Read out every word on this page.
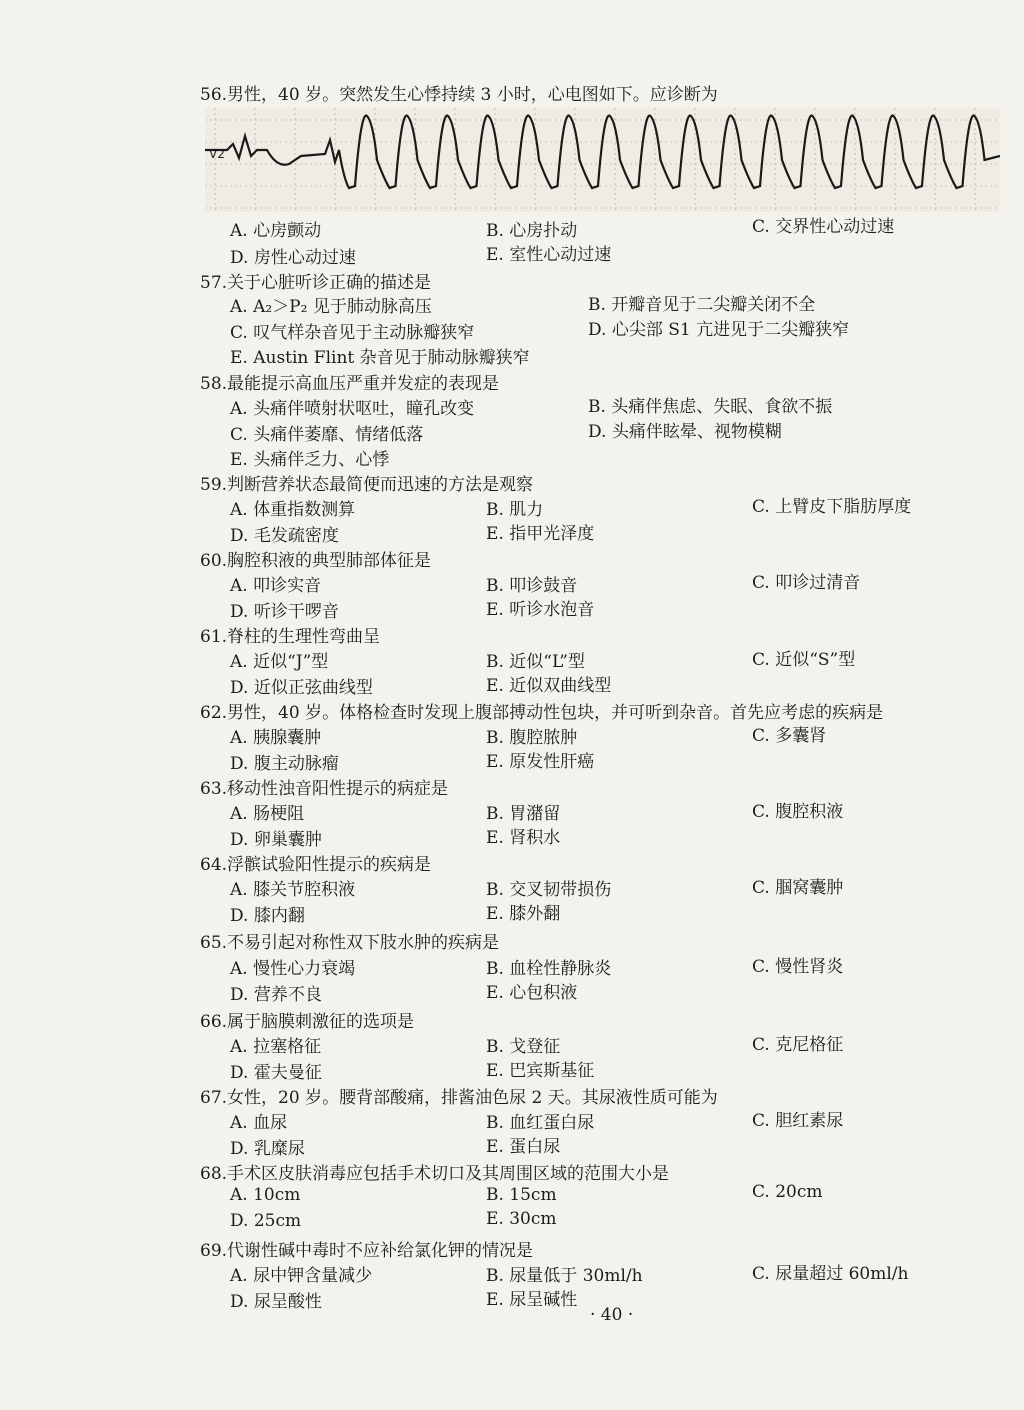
56.男性，40 岁。突然发生心悸持续 3 小时，心电图如下。应诊断为
V2
A. 心房颤动	B. 心房扑动	C. 交界性心动过速
D. 房性心动过速	E. 室性心动过速
57.关于心脏听诊正确的描述是
A. A₂＞P₂ 见于肺动脉高压	B. 开瓣音见于二尖瓣关闭不全
C. 叹气样杂音见于主动脉瓣狭窄	D. 心尖部 S1 亢进见于二尖瓣狭窄
E. Austin Flint 杂音见于肺动脉瓣狭窄
58.最能提示高血压严重并发症的表现是
A. 头痛伴喷射状呕吐，瞳孔改变	B. 头痛伴焦虑、失眠、食欲不振
C. 头痛伴萎靡、情绪低落	D. 头痛伴眩晕、视物模糊
E. 头痛伴乏力、心悸
59.判断营养状态最简便而迅速的方法是观察
A. 体重指数测算	B. 肌力	C. 上臂皮下脂肪厚度
D. 毛发疏密度	E. 指甲光泽度
60.胸腔积液的典型肺部体征是
A. 叩诊实音	B. 叩诊鼓音	C. 叩诊过清音
D. 听诊干啰音	E. 听诊水泡音
61.脊柱的生理性弯曲呈
A. 近似“J”型	B. 近似“L”型	C. 近似“S”型
D. 近似正弦曲线型	E. 近似双曲线型
62.男性，40 岁。体格检查时发现上腹部搏动性包块，并可听到杂音。首先应考虑的疾病是
A. 胰腺囊肿	B. 腹腔脓肿	C. 多囊肾
D. 腹主动脉瘤	E. 原发性肝癌
63.移动性浊音阳性提示的病症是
A. 肠梗阻	B. 胃潴留	C. 腹腔积液
D. 卵巢囊肿	E. 肾积水
64.浮髌试验阳性提示的疾病是
A. 膝关节腔积液	B. 交叉韧带损伤	C. 腘窝囊肿
D. 膝内翻	E. 膝外翻
65.不易引起对称性双下肢水肿的疾病是
A. 慢性心力衰竭	B. 血栓性静脉炎	C. 慢性肾炎
D. 营养不良	E. 心包积液
66.属于脑膜刺激征的选项是
A. 拉塞格征	B. 戈登征	C. 克尼格征
D. 霍夫曼征	E. 巴宾斯基征
67.女性，20 岁。腰背部酸痛，排酱油色尿 2 天。其尿液性质可能为
A. 血尿	B. 血红蛋白尿	C. 胆红素尿
D. 乳糜尿	E. 蛋白尿
68.手术区皮肤消毒应包括手术切口及其周围区域的范围大小是
A. 10cm	B. 15cm	C. 20cm
D. 25cm	E. 30cm
69.代谢性碱中毒时不应补给氯化钾的情况是
A. 尿中钾含量减少	B. 尿量低于 30ml/h	C. 尿量超过 60ml/h
D. 尿呈酸性	E. 尿呈碱性
· 40 ·
